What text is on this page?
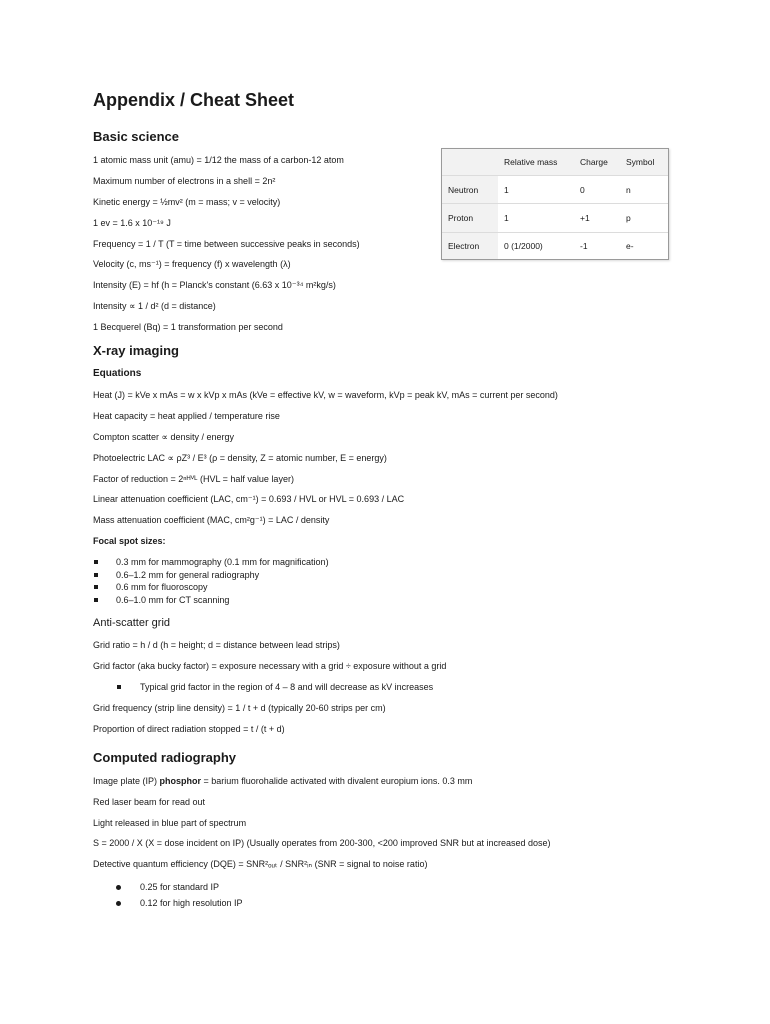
Appendix / Cheat Sheet
Basic science
1 atomic mass unit (amu) = 1/12 the mass of a carbon-12 atom
Maximum number of electrons in a shell = 2n²
Kinetic energy = ½mv² (m = mass; v = velocity)
1 ev = 1.6 x 10⁻¹⁹ J
Frequency = 1 / T (T = time between successive peaks in seconds)
Velocity (c, ms⁻¹) = frequency (f) x wavelength (λ)
Intensity (E) = hf (h = Planck's constant (6.63 x 10⁻³⁴ m²kg/s)
Intensity ∝ 1 / d² (d = distance)
1 Becquerel (Bq) = 1 transformation per second
X-ray imaging
Equations
Heat (J) = kVe x mAs = w x kVp x mAs (kVe = effective kV, w = waveform, kVp = peak kV, mAs = current per second)
Heat capacity = heat applied / temperature rise
Compton scatter ∝ density / energy
Photoelectric LAC ∝ ρZ³ / E³ (ρ = density, Z = atomic number, E = energy)
Factor of reduction = 2ⁿᴴⱽᴸ (HVL = half value layer)
Linear attenuation coefficient (LAC, cm⁻¹) = 0.693 / HVL or HVL = 0.693 / LAC
Mass attenuation coefficient (MAC, cm²g⁻¹) = LAC / density
Focal spot sizes:
0.3 mm for mammography (0.1 mm for magnification)
0.6–1.2 mm for general radiography
0.6 mm for fluoroscopy
0.6–1.0 mm for CT scanning
Anti-scatter grid
Grid ratio = h / d (h = height; d = distance between lead strips)
Grid factor (aka bucky factor) = exposure necessary with a grid ÷ exposure without a grid
Typical grid factor in the region of 4 – 8 and will decrease as kV increases
Grid frequency (strip line density) = 1 / t + d (typically 20-60 strips per cm)
Proportion of direct radiation stopped = t / (t + d)
Computed radiography
Image plate (IP) phosphor = barium fluorohalide activated with divalent europium ions. 0.3 mm
Red laser beam for read out
Light released in blue part of spectrum
S = 2000 / X (X = dose incident on IP) (Usually operates from 200-300, <200 improved SNR but at increased dose)
Detective quantum efficiency (DQE) = SNR²ₒᵤₜ / SNR²ᵢₙ (SNR = signal to noise ratio)
0.25 for standard IP
0.12 for high resolution IP
	Relative mass	Charge	Symbol
Neutron	1	0	n
Proton	1	+1	p
Electron	0 (1/2000)	-1	e-
